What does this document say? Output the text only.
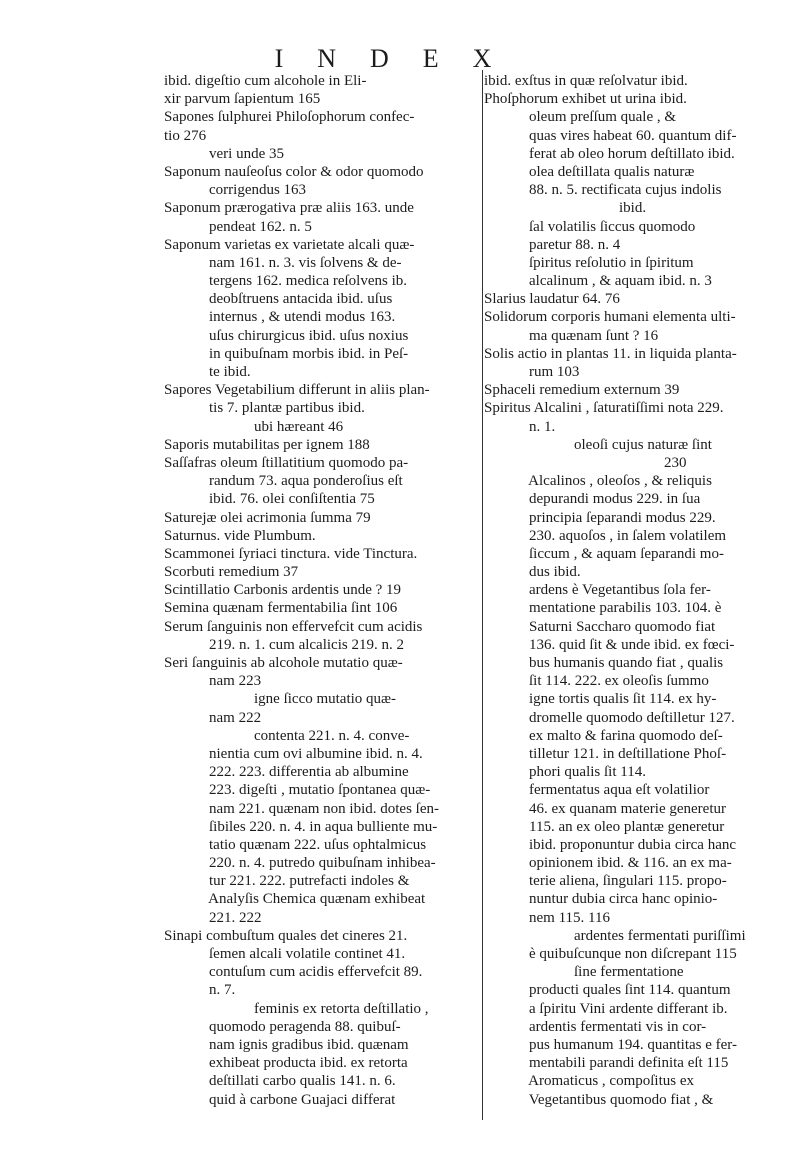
INDEX
ibid. digeſtio cum alcohole in Eli-
xir parvum ſapientum 165
Sapones ſulphurei Philoſophorum confec-
tio 276
veri unde 35
Saponum nauſeoſus color & odor quomodo
corrigendus 163
Saponum prærogativa præ aliis 163. unde
pendeat 162. n. 5
Saponum varietas ex varietate alcali quæ-
nam 161. n. 3. vis ſolvens & de-
tergens 162. medica reſolvens ib.
deobſtruens antacida ibid. uſus
internus , & utendi modus 163.
uſus chirurgicus ibid. uſus noxius
in quibuſnam morbis ibid. in Peſ-
te ibid.
Sapores Vegetabilium differunt in aliis plan-
tis 7. plantæ partibus ibid.
ubi hæreant 46
Saporis mutabilitas per ignem 188
Saſſafras oleum ſtillatitium quomodo pa-
randum 73. aqua ponderoſius eſt
ibid. 76. olei conſiſtentia 75
Saturejæ olei acrimonia ſumma 79
Saturnus. vide Plumbum.
Scammonei ſyriaci tinctura. vide Tinctura.
Scorbuti remedium 37
Scintillatio Carbonis ardentis unde ? 19
Semina quænam fermentabilia ſint 106
Serum ſanguinis non effervefcit cum acidis
219. n. 1. cum alcalicis 219. n. 2
Seri ſanguinis ab alcohole mutatio quæ-
nam 223
igne ſicco mutatio quæ-
nam 222
contenta 221. n. 4. conve-
nientia cum ovi albumine ibid. n. 4.
222. 223. differentia ab albumine
223. digeſti , mutatio ſpontanea quæ-
nam 221. quænam non ibid. dotes ſen-
ſibiles 220. n. 4. in aqua bulliente mu-
tatio quænam 222. uſus ophtalmicus
220. n. 4. putredo quibuſnam inhibea-
tur 221. 222. putrefacti indoles &
Analyſis Chemica quænam exhibeat
221. 222
Sinapi combuſtum quales det cineres 21.
ſemen alcali volatile continet 41.
contuſum cum acidis effervefcit 89.
n. 7.
feminis ex retorta deſtillatio ,
quomodo peragenda 88. quibuſ-
nam ignis gradibus ibid. quænam
exhibeat producta ibid. ex retorta
deſtillati carbo qualis 141. n. 6.
quid à carbone Guajaci differat
ibid. exſtus in quæ reſolvatur ibid.
Phoſphorum exhibet ut urina ibid.
oleum preſſum quale , &
quas vires habeat 60. quantum dif-
ferat ab oleo horum deſtillato ibid.
olea deſtillata qualis naturæ
88. n. 5. rectificata cujus indolis
ibid.
ſal volatilis ſiccus quomodo
paretur 88. n. 4
ſpiritus reſolutio in ſpiritum
alcalinum , & aquam ibid. n. 3
Slarius laudatur 64. 76
Solidorum corporis humani elementa ulti-
ma quænam ſunt ? 16
Solis actio in plantas 11. in liquida planta-
rum 103
Sphaceli remedium externum 39
Spiritus Alcalini , ſaturatiſſimi nota 229.
n. 1.
oleoſi cujus naturæ ſint
230
Alcalinos , oleoſos , & reliquis
depurandi modus 229. in ſua
principia ſeparandi modus 229.
230. aquoſos , in ſalem volatilem
ſiccum , & aquam ſeparandi mo-
dus ibid.
ardens è Vegetantibus ſola fer-
mentatione parabilis 103. 104. è
Saturni Saccharo quomodo fiat
136. quid ſit & unde ibid. ex fœci-
bus humanis quando fiat , qualis
ſit 114. 222. ex oleoſis ſummo
igne tortis qualis ſit 114. ex hy-
dromelle quomodo deſtilletur 127.
ex malto & farina quomodo deſ-
tilletur 121. in deſtillatione Phoſ-
phori qualis ſit 114.
fermentatus aqua eſt volatilior
46. ex quanam materie generetur
115. an ex oleo plantæ generetur
ibid. proponuntur dubia circa hanc
opinionem ibid. & 116. an ex ma-
terie aliena, ſingulari 115. propo-
nuntur dubia circa hanc opinio-
nem 115. 116
ardentes fermentati puriſſimi
è quibuſcunque non diſcrepant 115
ſine fermentatione
producti quales ſint 114. quantum
a ſpiritu Vini ardente differant ib.
ardentis fermentati vis in cor-
pus humanum 194. quantitas e fer-
mentabili parandi definita eſt 115
Aromaticus , compoſitus ex
Vegetantibus quomodo fiat , &
